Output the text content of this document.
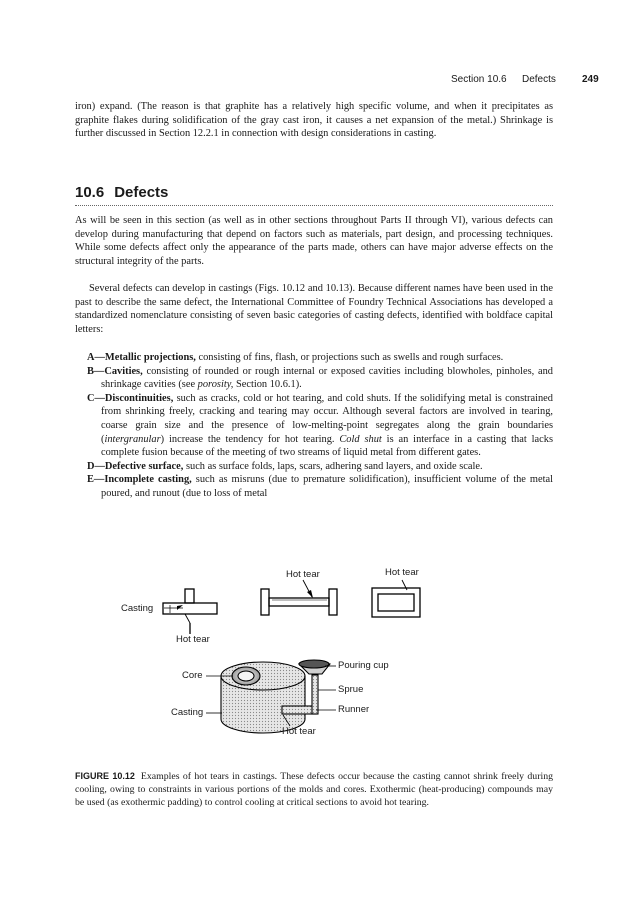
Section 10.6 Defects	249

iron) expand. (The reason is that graphite has a relatively high specific volume, and when it precipitates as graphite flakes during solidification of the gray cast iron, it causes a net expansion of the metal.) Shrinkage is further discussed in Section 12.2.1 in connection with design considerations in casting.

10.6 Defects

As will be seen in this section (as well as in other sections throughout Parts II through VI), various defects can develop during manufacturing that depend on factors such as materials, part design, and processing techniques. While some defects affect only the appearance of the parts made, others can have major adverse effects on the structural integrity of the parts.

Several defects can develop in castings (Figs. 10.12 and 10.13). Because different names have been used in the past to describe the same defect, the International Committee of Foundry Technical Associations has developed a standardized nomenclature consisting of seven basic categories of casting defects, identified with boldface capital letters:

A—Metallic projections, consisting of fins, flash, or projections such as swells and rough surfaces.
B—Cavities, consisting of rounded or rough internal or exposed cavities including blowholes, pinholes, and shrinkage cavities (see porosity, Section 10.6.1).
C—Discontinuities, such as cracks, cold or hot tearing, and cold shuts. If the solidifying metal is constrained from shrinking freely, cracking and tearing may occur. Although several factors are involved in tearing, coarse grain size and the presence of low-melting-point segregates along the grain boundaries (intergranular) increase the tendency for hot tearing. Cold shut is an interface in a casting that lacks complete fusion because of the meeting of two streams of liquid metal from different gates.
D—Defective surface, such as surface folds, laps, scars, adhering sand layers, and oxide scale.
E—Incomplete casting, such as misruns (due to premature solidification), insufficient volume of the metal poured, and runout (due to loss of metal
Hot tear	Hot tear
Casting
Hot tear
Core
Pouring cup
Sprue
Casting	Runner
Hot tear

FIGURE 10.12 Examples of hot tears in castings. These defects occur because the casting cannot shrink freely during cooling, owing to constraints in various portions of the molds and cores. Exothermic (heat-producing) compounds may be used (as exothermic padding) to control cooling at critical sections to avoid hot tearing.
